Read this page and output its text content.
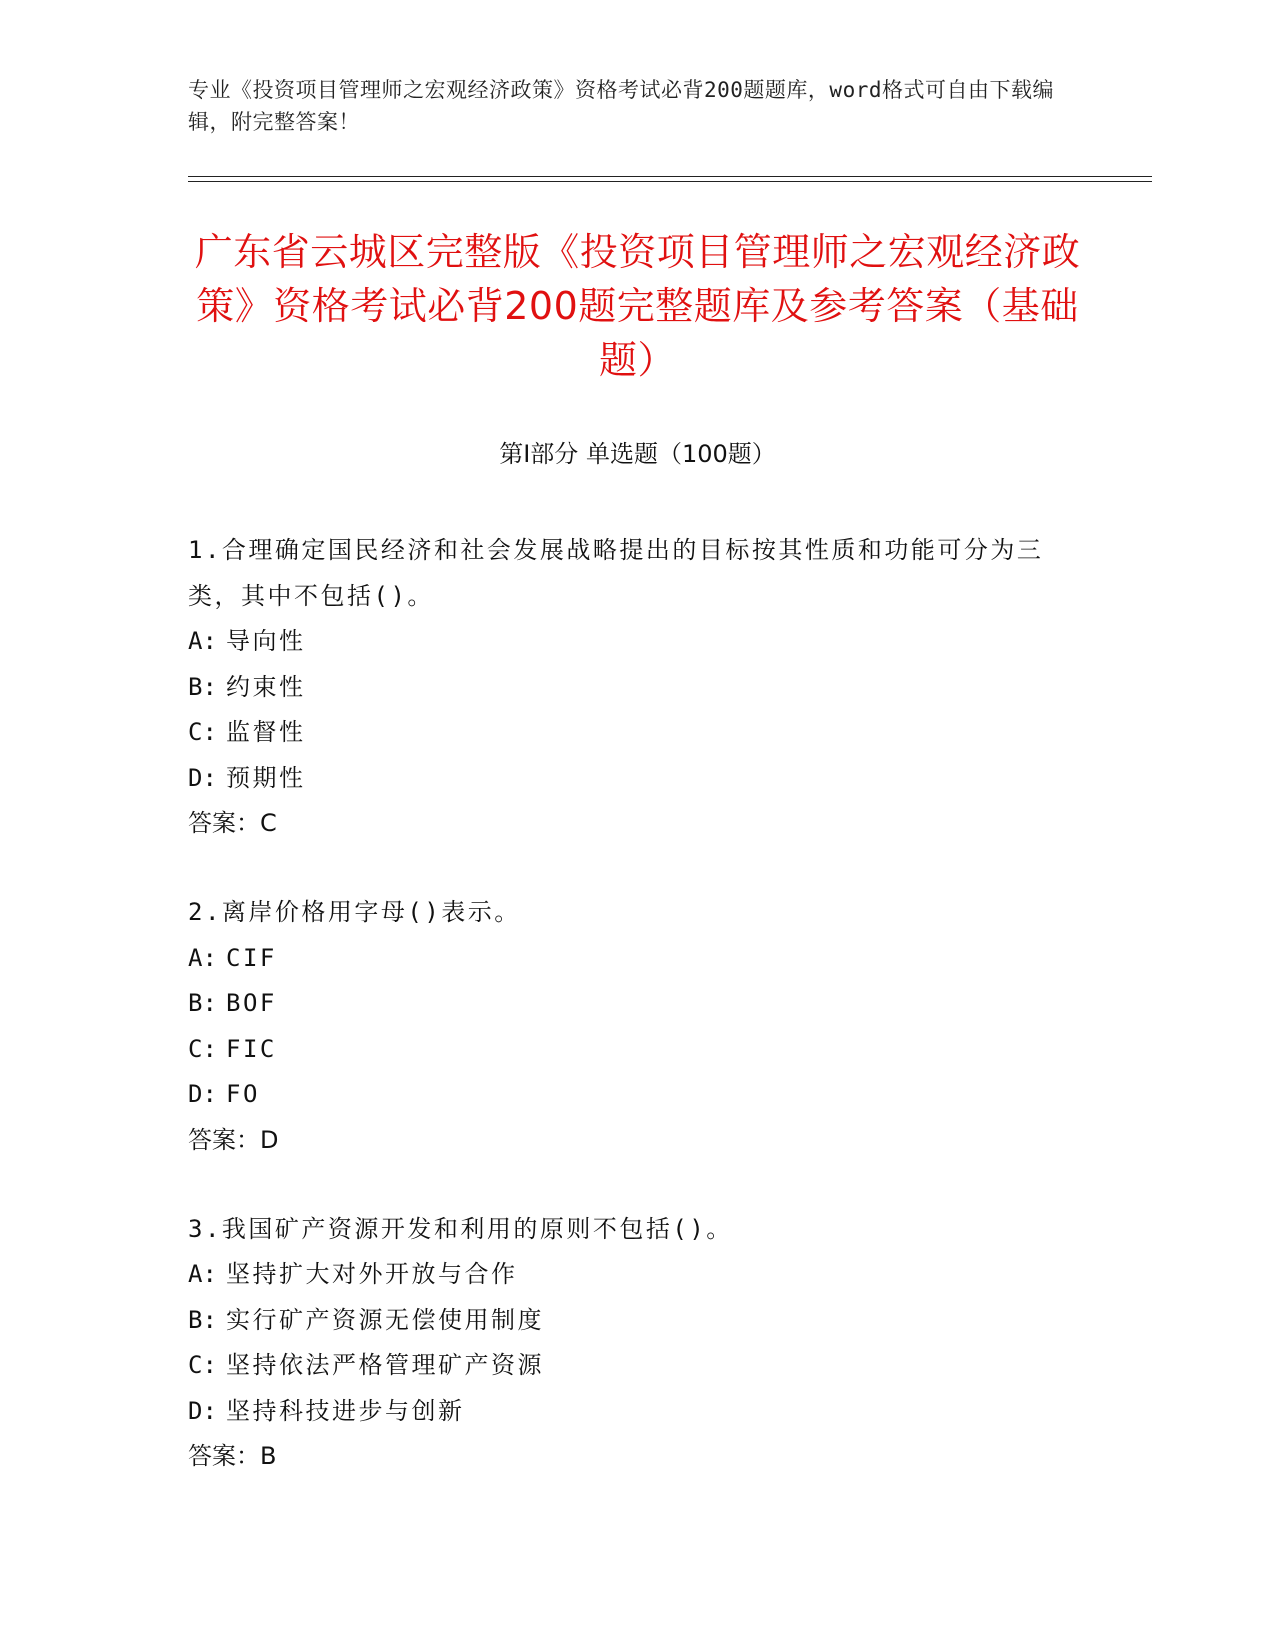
专业《投资项目管理师之宏观经济政策》资格考试必背200题题库，word格式可自由下载编辑，附完整答案！
广东省云城区完整版《投资项目管理师之宏观经济政策》资格考试必背200题完整题库及参考答案（基础题）
第I部分 单选题（100题）
1.合理确定国民经济和社会发展战略提出的目标按其性质和功能可分为三类，其中不包括()。
A: 导向性
B: 约束性
C: 监督性
D: 预期性
答案：C
2.离岸价格用字母()表示。
A: CIF
B: BOF
C: FIC
D: FO
答案：D
3.我国矿产资源开发和利用的原则不包括()。
A: 坚持扩大对外开放与合作
B: 实行矿产资源无偿使用制度
C: 坚持依法严格管理矿产资源
D: 坚持科技进步与创新
答案：B
